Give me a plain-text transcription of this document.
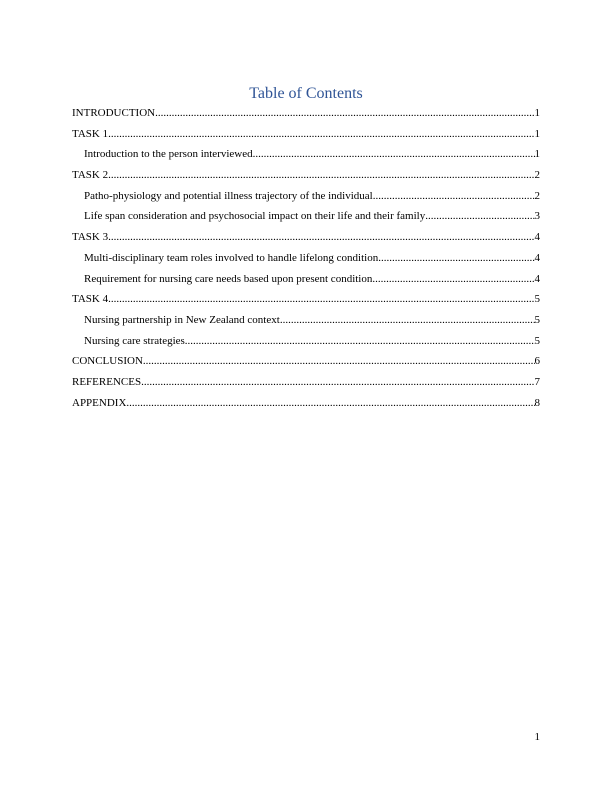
Table of Contents
INTRODUCTION .....	1
TASK 1 .....	1
Introduction to the person interviewed .....	1
TASK 2 .....	2
Patho-physiology and potential illness trajectory of the individual .....	2
Life span consideration and psychosocial impact on their life and their family .....	3
TASK 3 .....	4
Multi-disciplinary team roles involved to handle lifelong condition .....	4
Requirement for nursing care needs based upon present condition .....	4
TASK 4 .....	5
Nursing partnership in New Zealand context .....	5
Nursing care strategies .....	5
CONCLUSION .....	6
REFERENCES .....	7
APPENDIX .....	8
1
